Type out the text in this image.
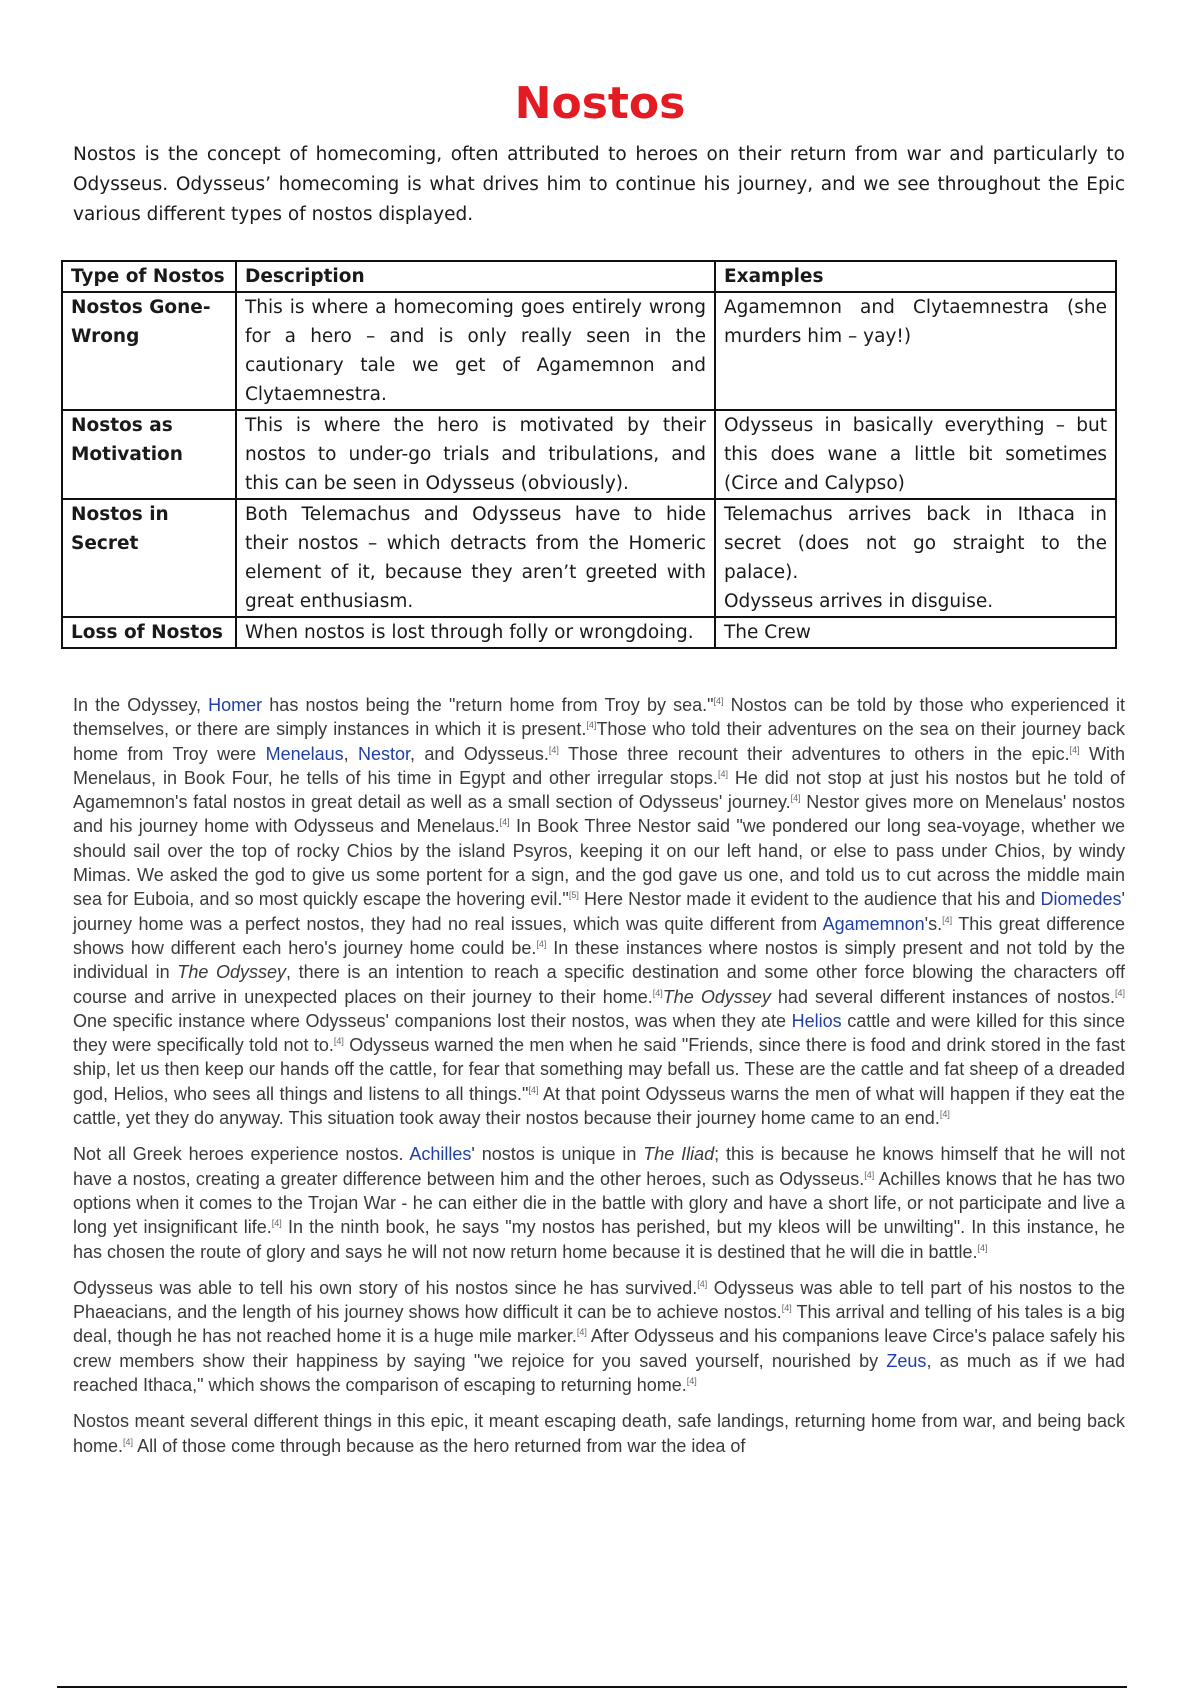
Nostos

Nostos is the concept of homecoming, often attributed to heroes on their return from war and particularly to Odysseus. Odysseus’ homecoming is what drives him to continue his journey, and we see throughout the Epic various different types of nostos displayed.

Type of Nostos	Description	Examples
Nostos Gone-Wrong	This is where a homecoming goes entirely wrong for a hero – and is only really seen in the cautionary tale we get of Agamemnon and Clytaemnestra.	Agamemnon and Clytaemnestra (she murders him – yay!)
Nostos as Motivation	This is where the hero is motivated by their nostos to under-go trials and tribulations, and this can be seen in Odysseus (obviously).	Odysseus in basically everything – but this does wane a little bit sometimes (Circe and Calypso)
Nostos in Secret	Both Telemachus and Odysseus have to hide their nostos – which detracts from the Homeric element of it, because they aren’t greeted with great enthusiasm.	Telemachus arrives back in Ithaca in secret (does not go straight to the palace).
Odysseus arrives in disguise.
Loss of Nostos	When nostos is lost through folly or wrongdoing.	The Crew

In the Odyssey, Homer has nostos being the "return home from Troy by sea."[4] Nostos can be told by those who experienced it themselves, or there are simply instances in which it is present.[4]Those who told their adventures on the sea on their journey back home from Troy were Menelaus, Nestor, and Odysseus.[4] Those three recount their adventures to others in the epic.[4] With Menelaus, in Book Four, he tells of his time in Egypt and other irregular stops.[4] He did not stop at just his nostos but he told of Agamemnon's fatal nostos in great detail as well as a small section of Odysseus' journey.[4] Nestor gives more on Menelaus' nostos and his journey home with Odysseus and Menelaus.[4] In Book Three Nestor said "we pondered our long sea-voyage, whether we should sail over the top of rocky Chios by the island Psyros, keeping it on our left hand, or else to pass under Chios, by windy Mimas. We asked the god to give us some portent for a sign, and the god gave us one, and told us to cut across the middle main sea for Euboia, and so most quickly escape the hovering evil."[5] Here Nestor made it evident to the audience that his and Diomedes' journey home was a perfect nostos, they had no real issues, which was quite different from Agamemnon's.[4] This great difference shows how different each hero's journey home could be.[4] In these instances where nostos is simply present and not told by the individual in The Odyssey, there is an intention to reach a specific destination and some other force blowing the characters off course and arrive in unexpected places on their journey to their home.[4]The Odyssey had several different instances of nostos.[4] One specific instance where Odysseus' companions lost their nostos, was when they ate Helios cattle and were killed for this since they were specifically told not to.[4] Odysseus warned the men when he said "Friends, since there is food and drink stored in the fast ship, let us then keep our hands off the cattle, for fear that something may befall us. These are the cattle and fat sheep of a dreaded god, Helios, who sees all things and listens to all things."[4] At that point Odysseus warns the men of what will happen if they eat the cattle, yet they do anyway. This situation took away their nostos because their journey home came to an end.[4]

Not all Greek heroes experience nostos. Achilles' nostos is unique in The Iliad; this is because he knows himself that he will not have a nostos, creating a greater difference between him and the other heroes, such as Odysseus.[4] Achilles knows that he has two options when it comes to the Trojan War - he can either die in the battle with glory and have a short life, or not participate and live a long yet insignificant life.[4] In the ninth book, he says "my nostos has perished, but my kleos will be unwilting". In this instance, he has chosen the route of glory and says he will not now return home because it is destined that he will die in battle.[4]

Odysseus was able to tell his own story of his nostos since he has survived.[4] Odysseus was able to tell part of his nostos to the Phaeacians, and the length of his journey shows how difficult it can be to achieve nostos.[4] This arrival and telling of his tales is a big deal, though he has not reached home it is a huge mile marker.[4] After Odysseus and his companions leave Circe's palace safely his crew members show their happiness by saying "we rejoice for you saved yourself, nourished by Zeus, as much as if we had reached Ithaca," which shows the comparison of escaping to returning home.[4]

Nostos meant several different things in this epic, it meant escaping death, safe landings, returning home from war, and being back home.[4] All of those come through because as the hero returned from war the idea of
